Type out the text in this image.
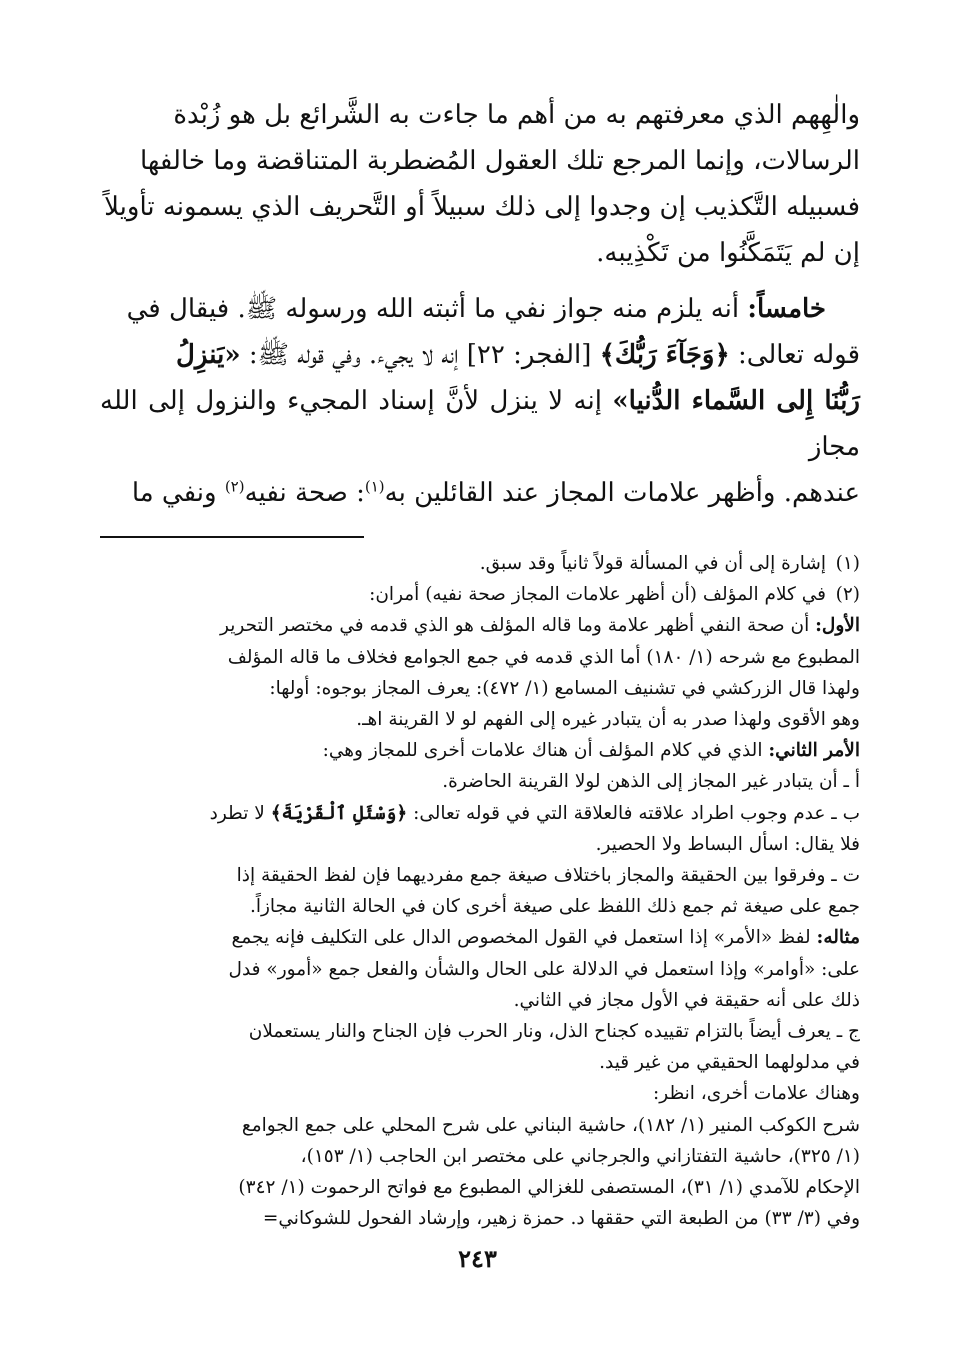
والٰهِهم الذي معرفتهم به من أهم ما جاءت به الشَّرائع بل هو زُبْدة

الرسالات، وإنما المرجع تلك العقول المُضطربة المتناقضة وما خالفها

فسبيله التَّكذيب إن وجدوا إلى ذلك سبيلاً أو التَّحريف الذي يسمونه تأويلاً

إن لم يَتَمَكَّنُوا من تَكْذِيبه.

خامساً: أنه يلزم منه جواز نفي ما أثبته الله ورسوله ﷺ. فيقال في

قوله تعالى: ﴿وَجَآءَ رَبُّكَ﴾ [الفجر: ٢٢] إنه لا يجيء. وفي قوله ﷺ: «يَنزِلُ

رَبُّنَا إِلى السَّماء الدُّنيا» إنه لا ينزل لأنَّ إسناد المجيء والنزول إلى الله مجاز

عندهم. وأظهر علامات المجاز عند القائلين به$^{(١)}$: صحة نفيه$^{(٢)}$ ونفي ما

(١)إشارة إلى أن في المسألة قولاً ثانياً وقد سبق.

(٢)في كلام المؤلف (أن أظهر علامات المجاز صحة نفيه) أمران:

الأول: أن صحة النفي أظهر علامة وما قاله المؤلف هو الذي قدمه في مختصر التحرير

المطبوع مع شرحه (١/ ١٨٠) أما الذي قدمه في جمع الجوامع فخلاف ما قاله المؤلف

ولهذا قال الزركشي في تشنيف المسامع (١/ ٤٧٢): يعرف المجاز بوجوه: أولها:

وهو الأقوى ولهذا صدر به أن يتبادر غيره إلى الفهم لو لا القرينة اهـ.

الأمر الثاني: الذي في كلام المؤلف أن هناك علامات أخرى للمجاز وهي:

أ ـ أن يتبادر غير المجاز إلى الذهن لولا القرينة الحاضرة.

ب ـ عدم وجوب اطراد علاقته فالعلاقة التي في قوله تعالى: ﴿وَسْئَلِ ٱلْقَرْيَةَ﴾ لا تطرد

فلا يقال: اسأل البساط ولا الحصير.

ت ـ وفرقوا بين الحقيقة والمجاز باختلاف صيغة جمع مفرديهما فإن لفظ الحقيقة إذا

جمع على صيغة ثم جمع ذلك اللفظ على صيغة أخرى كان في الحالة الثانية مجازاً.

مثاله: لفظ «الأمر» إذا استعمل في القول المخصوص الدال على التكليف فإنه يجمع

على: «أوامر» وإذا استعمل في الدلالة على الحال والشأن والفعل جمع «أمور» فدل

ذلك على أنه حقيقة في الأول مجاز في الثاني.

ج ـ يعرف أيضاً بالتزام تقييده كجناح الذل، ونار الحرب فإن الجناح والنار يستعملان

في مدلولهما الحقيقي من غير قيد.

وهناك علامات أخرى، انظر:

شرح الكوكب المنير (١/ ١٨٢)، حاشية البناني على شرح المحلي على جمع الجوامع

(١/ ٣٢٥)، حاشية التفتازاني والجرجاني على مختصر ابن الحاجب (١/ ١٥٣)،

الإحكام للآمدي (١/ ٣١)، المستصفى للغزالي المطبوع مع فواتح الرحموت (١/ ٣٤٢)

وفي (٣/ ٣٣) من الطبعة التي حققها د. حمزة زهير، وإرشاد الفحول للشوكاني=

٢٤٣
